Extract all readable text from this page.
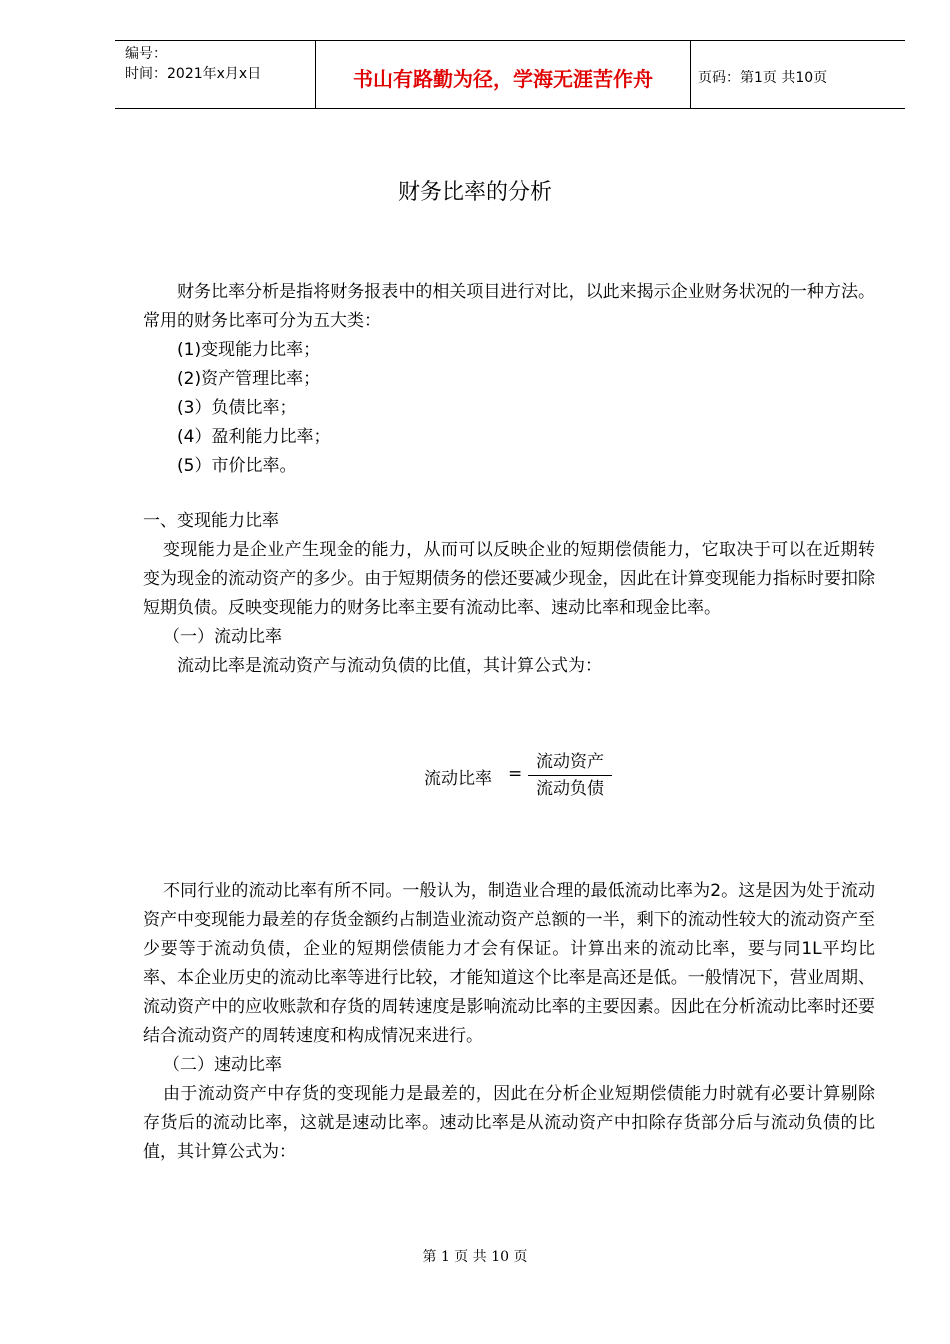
编号：
时间：2021年x月x日	书山有路勤为径，学海无涯苦作舟	页码：第1页 共10页
财务比率的分析

财务比率分析是指将财务报表中的相关项目进行对比，以此来揭示企业财务状况的一种方法。常用的财务比率可分为五大类：

(1)变现能力比率；

(2)资产管理比率；

(3）负债比率；

(4）盈利能力比率；

(5）市价比率。

一、变现能力比率

变现能力是企业产生现金的能力，从而可以反映企业的短期偿债能力，它取决于可以在近期转变为现金的流动资产的多少。由于短期债务的偿还要减少现金，因此在计算变现能力指标时要扣除短期负债。反映变现能力的财务比率主要有流动比率、速动比率和现金比率。

（一）流动比率

流动比率是流动资产与流动负债的比值，其计算公式为：

流动比率 =
流动资产
流动负债

不同行业的流动比率有所不同。一般认为，制造业合理的最低流动比率为2。这是因为处于流动资产中变现能力最差的存货金额约占制造业流动资产总额的一半，剩下的流动性较大的流动资产至少要等于流动负债，企业的短期偿债能力才会有保证。计算出来的流动比率，要与同1L平均比率、本企业历史的流动比率等进行比较，才能知道这个比率是高还是低。一般情况下，营业周期、流动资产中的应收账款和存货的周转速度是影响流动比率的主要因素。因此在分析流动比率时还要结合流动资产的周转速度和构成情况来进行。

（二）速动比率

由于流动资产中存货的变现能力是最差的，因此在分析企业短期偿债能力时就有必要计算剔除存货后的流动比率，这就是速动比率。速动比率是从流动资产中扣除存货部分后与流动负债的比值，其计算公式为：

第 1 页 共 10 页
